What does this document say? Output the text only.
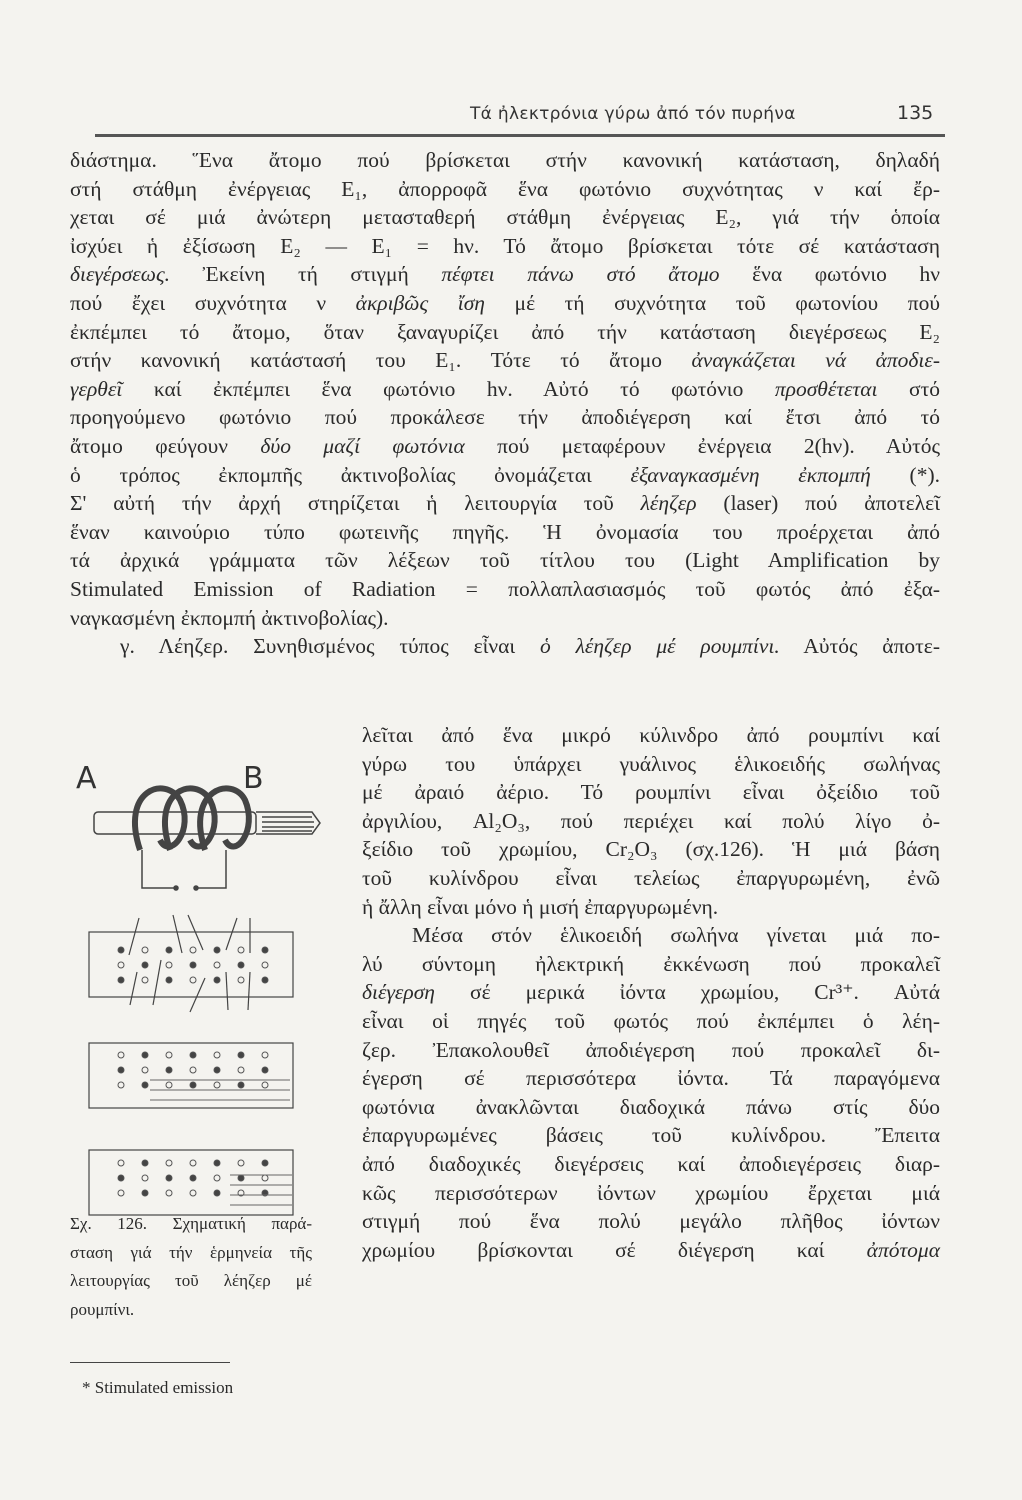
Τά ἠλεκτρόνια γύρω ἀπό τόν πυρήνα	135
διάστημα. Ἕνα ἄτομο πού βρίσκεται στήν κανονική κατάσταση, δηλαδή
στή στάθμη ἐνέργειας E₁, ἀπορροφᾶ ἕνα φωτόνιο συχνότητας ν καί ἔρ-
χεται σέ μιά ἀνώτερη μετασταθερή στάθμη ἐνέργειας E₂, γιά τήν ὁποία
ἰσχύει ἡ ἐξίσωση E₂ — E₁ = hν. Τό ἄτομο βρίσκεται τότε σέ κατάσταση
διεγέρσεως. Ἐκείνη τή στιγμή πέφτει πάνω στό ἄτομο ἕνα φωτόνιο hν
πού ἔχει συχνότητα ν ἀκριβῶς ἴση μέ τή συχνότητα τοῦ φωτονίου πού
ἐκπέμπει τό ἄτομο, ὅταν ξαναγυρίζει ἀπό τήν κατάσταση διεγέρσεως E₂
στήν κανονική κατάστασή του E₁. Τότε τό ἄτομο ἀναγκάζεται νά ἀποδιε-
γερθεῖ καί ἐκπέμπει ἕνα φωτόνιο hν. Αὐτό τό φωτόνιο προσθέτεται στό
προηγούμενο φωτόνιο πού προκάλεσε τήν ἀποδιέγερση καί ἔτσι ἀπό τό
ἄτομο φεύγουν δύο μαζί φωτόνια πού μεταφέρουν ἐνέργεια 2(hν). Αὐτός
ὁ τρόπος ἐκπομπῆς ἀκτινοβολίας ὀνομάζεται ἐξαναγκασμένη ἐκπομπή (*).
Σ' αὐτή τήν ἀρχή στηρίζεται ἡ λειτουργία τοῦ λέηζερ (laser) πού ἀποτελεῖ
ἕναν καινούριο τύπο φωτεινῆς πηγῆς. Ἡ ὀνομασία του προέρχεται ἀπό
τά ἀρχικά γράμματα τῶν λέξεων τοῦ τίτλου του (Light Amplification by
Stimulated Emission of Radiation = πολλαπλασιασμός τοῦ φωτός ἀπό ἐξα-
ναγκασμένη ἐκπομπή ἀκτινοβολίας).
γ. Λέηζερ. Συνηθισμένος τύπος εἶναι ὁ λέηζερ μέ ρουμπίνι. Αὐτός ἀποτε-
λεῖται ἀπό ἕνα μικρό κύλινδρο ἀπό ρουμπίνι καί
γύρω του ὑπάρχει γυάλινος ἑλικοειδής σωλήνας
μέ ἀραιό ἀέριο. Τό ρουμπίνι εἶναι ὀξείδιο τοῦ
ἀργιλίου, Al₂O₃, πού περιέχει καί πολύ λίγο ὀ-
ξείδιο τοῦ χρωμίου, Cr₂O₃ (σχ.126). Ἡ μιά βάση
τοῦ κυλίνδρου εἶναι τελείως ἐπαργυρωμένη, ἐνῶ
ἡ ἄλλη εἶναι μόνο ἡ μισή ἐπαργυρωμένη.
Μέσα στόν ἑλικοειδή σωλήνα γίνεται μιά πο-
λύ σύντομη ἠλεκτρική ἐκκένωση πού προκαλεῖ
διέγερση σέ μερικά ἰόντα χρωμίου, Cr³⁺. Αὐτά
εἶναι οἱ πηγές τοῦ φωτός πού ἐκπέμπει ὁ λέη-
ζερ. Ἐπακολουθεῖ ἀποδιέγερση πού προκαλεῖ δι-
έγερση σέ περισσότερα ἰόντα. Τά παραγόμενα
φωτόνια ἀνακλῶνται διαδοχικά πάνω στίς δύο
ἐπαργυρωμένες βάσεις τοῦ κυλίνδρου. Ἔπειτα
ἀπό διαδοχικές διεγέρσεις καί ἀποδιεγέρσεις διαρ-
κῶς περισσότερων ἰόντων χρωμίου ἔρχεται μιά
στιγμή πού ἕνα πολύ μεγάλο πλῆθος ἰόντων
χρωμίου βρίσκονται σέ διέγερση καί ἀπότομα
A	B
Σχ. 126. Σχηματική παρά-
σταση γιά τήν ἑρμηνεία τῆς
λειτουργίας τοῦ λέηζερ μέ
ρουμπίνι.
* Stimulated emission
